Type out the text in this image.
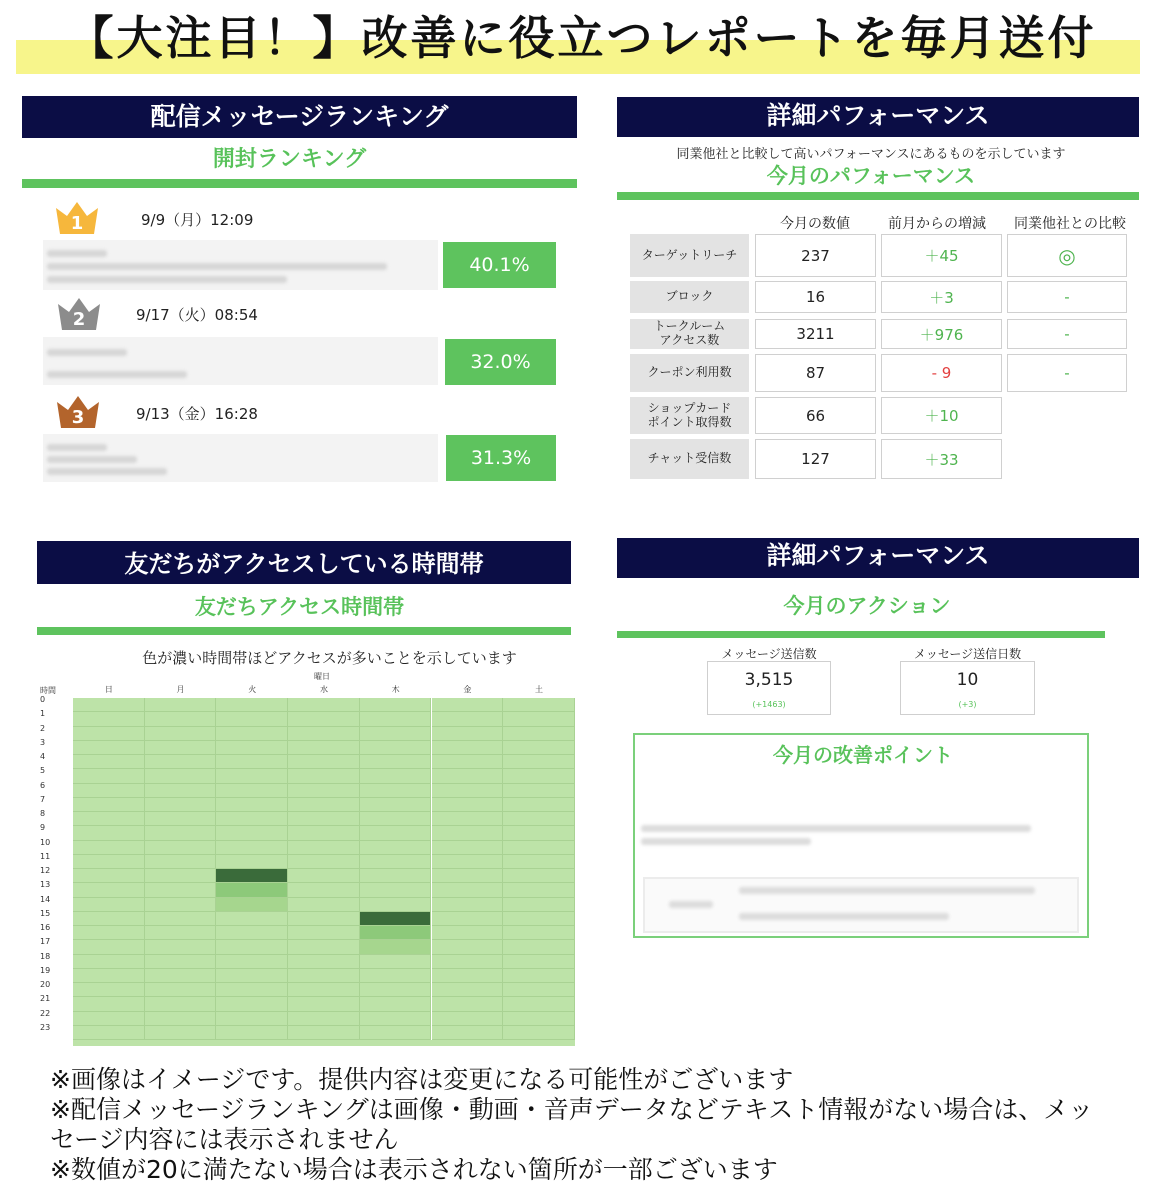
【大注目！】改善に役立つレポートを毎月送付
配信メッセージランキング
開封ランキング
1	9/9（月）12:09
40.1%
2	9/17（火）08:54
32.0%
3	9/13（金）16:28
31.3%
詳細パフォーマンス
同業他社と比較して高いパフォーマンスにあるものを示しています
今月のパフォーマンス
今月の数値	前月からの増減	同業他社との比較
ターゲットリーチ	237	＋45	◎
ブロック	16	＋3	-
トークルーム
アクセス数	3211	＋976	-
クーポン利用数	87	- 9	-
ショップカード
ポイント取得数	66	＋10
チャット受信数	127	＋33
友だちがアクセスしている時間帯
友だちアクセス時間帯
色が濃い時間帯ほどアクセスが多いことを示しています
曜日
時間	日	月	火	水	木	金	土
0
1
2
3
4
5
6
7
8
9
10
11
12
13
14
15
16
17
18
19
20
21
22
23
詳細パフォーマンス
今月のアクション
メッセージ送信数
3,515
(+1463)
メッセージ送信日数
10
(+3)
今月の改善ポイント
※画像はイメージです。提供内容は変更になる可能性がございます
※配信メッセージランキングは画像・動画・音声データなどテキスト情報がない場合は、メッ
セージ内容には表示されません
※数値が20に満たない場合は表示されない箇所が一部ございます
